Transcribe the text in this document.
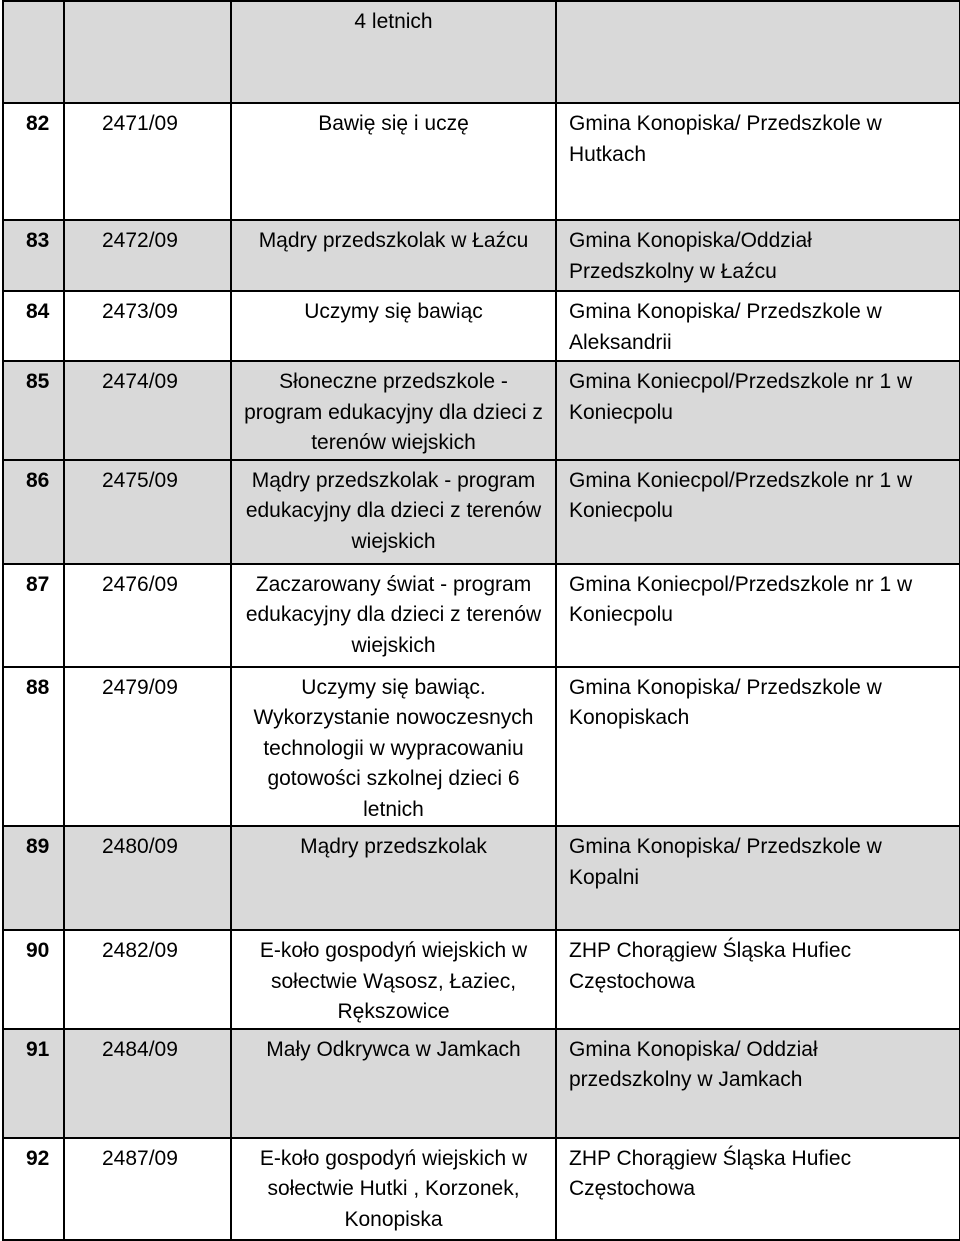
		4 letnich	
82	2471/09	Bawię się i uczę	Gmina Konopiska/ Przedszkole w Hutkach
83	2472/09	Mądry przedszkolak w Łaźcu	Gmina Konopiska/Oddział Przedszkolny w Łaźcu
84	2473/09	Uczymy się bawiąc	Gmina Konopiska/ Przedszkole w Aleksandrii
85	2474/09	Słoneczne przedszkole - program edukacyjny dla dzieci z terenów wiejskich	Gmina Koniecpol/Przedszkole nr 1 w Koniecpolu
86	2475/09	Mądry przedszkolak - program edukacyjny dla dzieci z terenów wiejskich	Gmina Koniecpol/Przedszkole nr 1 w Koniecpolu
87	2476/09	Zaczarowany świat - program edukacyjny dla dzieci z terenów wiejskich	Gmina Koniecpol/Przedszkole nr 1 w Koniecpolu
88	2479/09	Uczymy się bawiąc. Wykorzystanie nowoczesnych technologii w wypracowaniu gotowości szkolnej dzieci 6 letnich	Gmina Konopiska/ Przedszkole w Konopiskach
89	2480/09	Mądry przedszkolak	Gmina Konopiska/ Przedszkole w Kopalni
90	2482/09	E-koło gospodyń wiejskich w sołectwie Wąsosz, Łaziec, Rększowice	ZHP Chorągiew Śląska Hufiec Częstochowa
91	2484/09	Mały Odkrywca w Jamkach	Gmina Konopiska/ Oddział przedszkolny w Jamkach
92	2487/09	E-koło gospodyń wiejskich w sołectwie Hutki , Korzonek, Konopiska	ZHP Chorągiew Śląska Hufiec Częstochowa
